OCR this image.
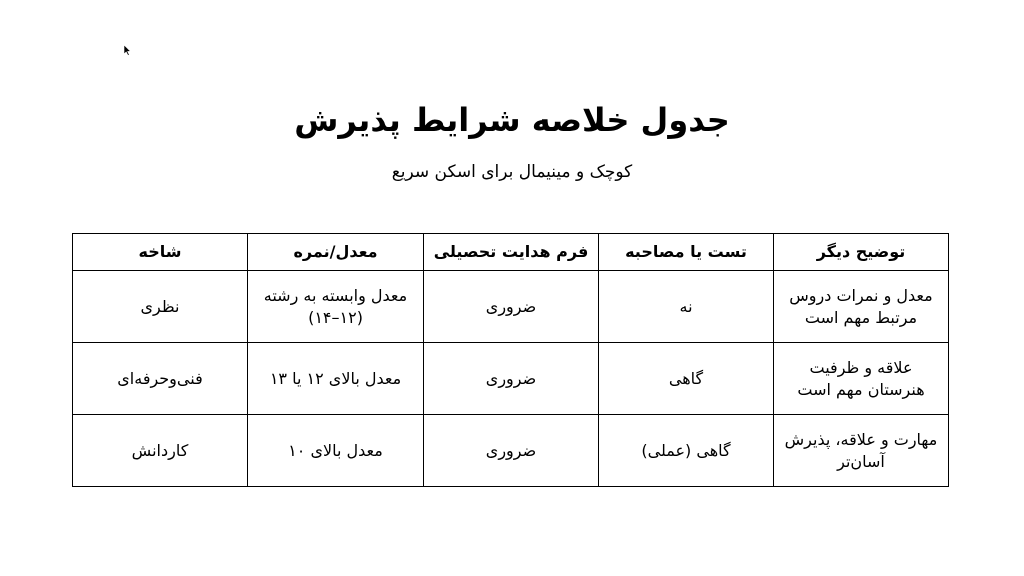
جدول خلاصه شرایط پذیرش
کوچک و مینیمال برای اسکن سریع
توضیح دیگر	تست یا مصاحبه	فرم هدایت تحصیلی	معدل/نمره	شاخه
معدل و نمرات دروس مرتبط مهم است	نه	ضروری	معدل وابسته به رشته (۱۲–۱۴)	نظری
علاقه و ظرفیت هنرستان مهم است	گاهی	ضروری	معدل بالای ۱۲ یا ۱۳	فنی‌وحرفه‌ای
مهارت و علاقه، پذیرش آسان‌تر	گاهی (عملی)	ضروری	معدل بالای ۱۰	کاردانش
